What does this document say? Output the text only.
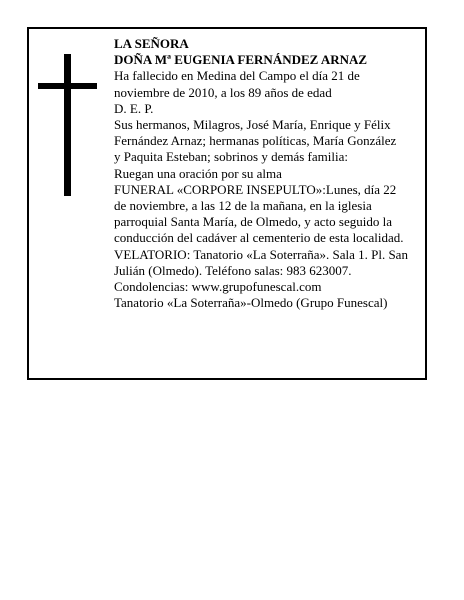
LA SEÑORA
DOÑA Mª EUGENIA FERNÁNDEZ ARNAZ
Ha fallecido en Medina del Campo el día 21 de
noviembre de 2010, a los 89 años de edad
D. E. P.
Sus hermanos, Milagros, José María, Enrique y Félix
Fernández Arnaz; hermanas políticas, María González
y Paquita Esteban; sobrinos y demás familia:
Ruegan una oración por su alma
FUNERAL «CORPORE INSEPULTO»:Lunes, día 22
de noviembre, a las 12 de la mañana, en la iglesia
parroquial Santa María, de Olmedo, y acto seguido la
conducción del cadáver al cementerio de esta localidad.
VELATORIO: Tanatorio «La Soterraña». Sala 1. Pl. San
Julián (Olmedo). Teléfono salas: 983 623007.
Condolencias: www.grupofunescal.com
Tanatorio «La Soterraña»-Olmedo (Grupo Funescal)
